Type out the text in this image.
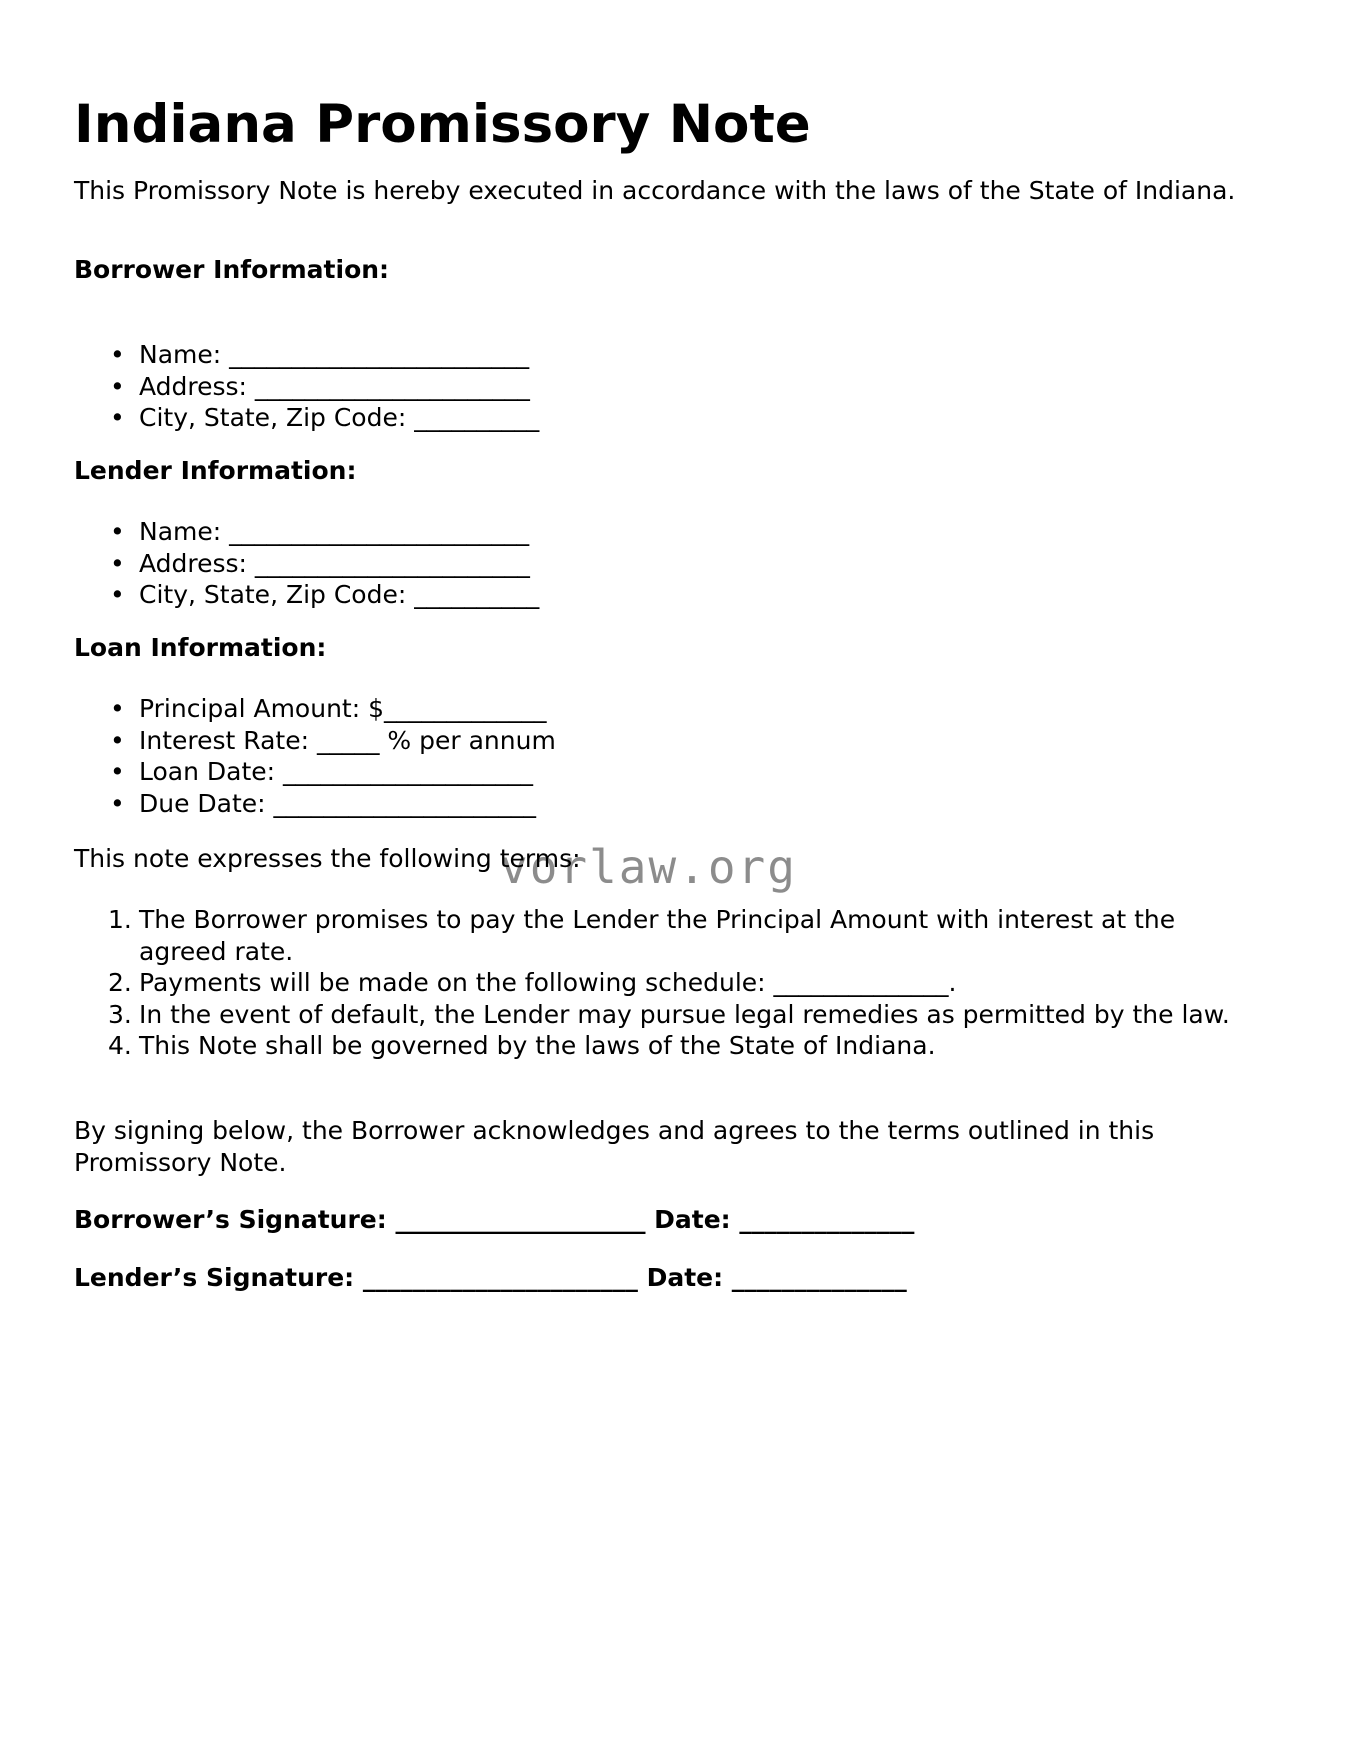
Indiana Promissory Note
This Promissory Note is hereby executed in accordance with the laws of the State of Indiana.
Borrower Information:
• Name: ________________________
• Address: ______________________
• City, State, Zip Code: __________
Lender Information:
• Name: ________________________
• Address: ______________________
• City, State, Zip Code: __________
Loan Information:
• Principal Amount: $_____________
• Interest Rate: _____ % per annum
• Loan Date: ____________________
• Due Date: _____________________
This note expresses the following terms:
1. The Borrower promises to pay the Lender the Principal Amount with interest at the agreed rate.
2. Payments will be made on the following schedule: ______________.
3. In the event of default, the Lender may pursue legal remedies as permitted by the law.
4. This Note shall be governed by the laws of the State of Indiana.
By signing below, the Borrower acknowledges and agrees to the terms outlined in this Promissory Note.
Borrower’s Signature: ____________________ Date: ______________
Lender’s Signature: ______________________ Date: ______________
vorlaw.org
